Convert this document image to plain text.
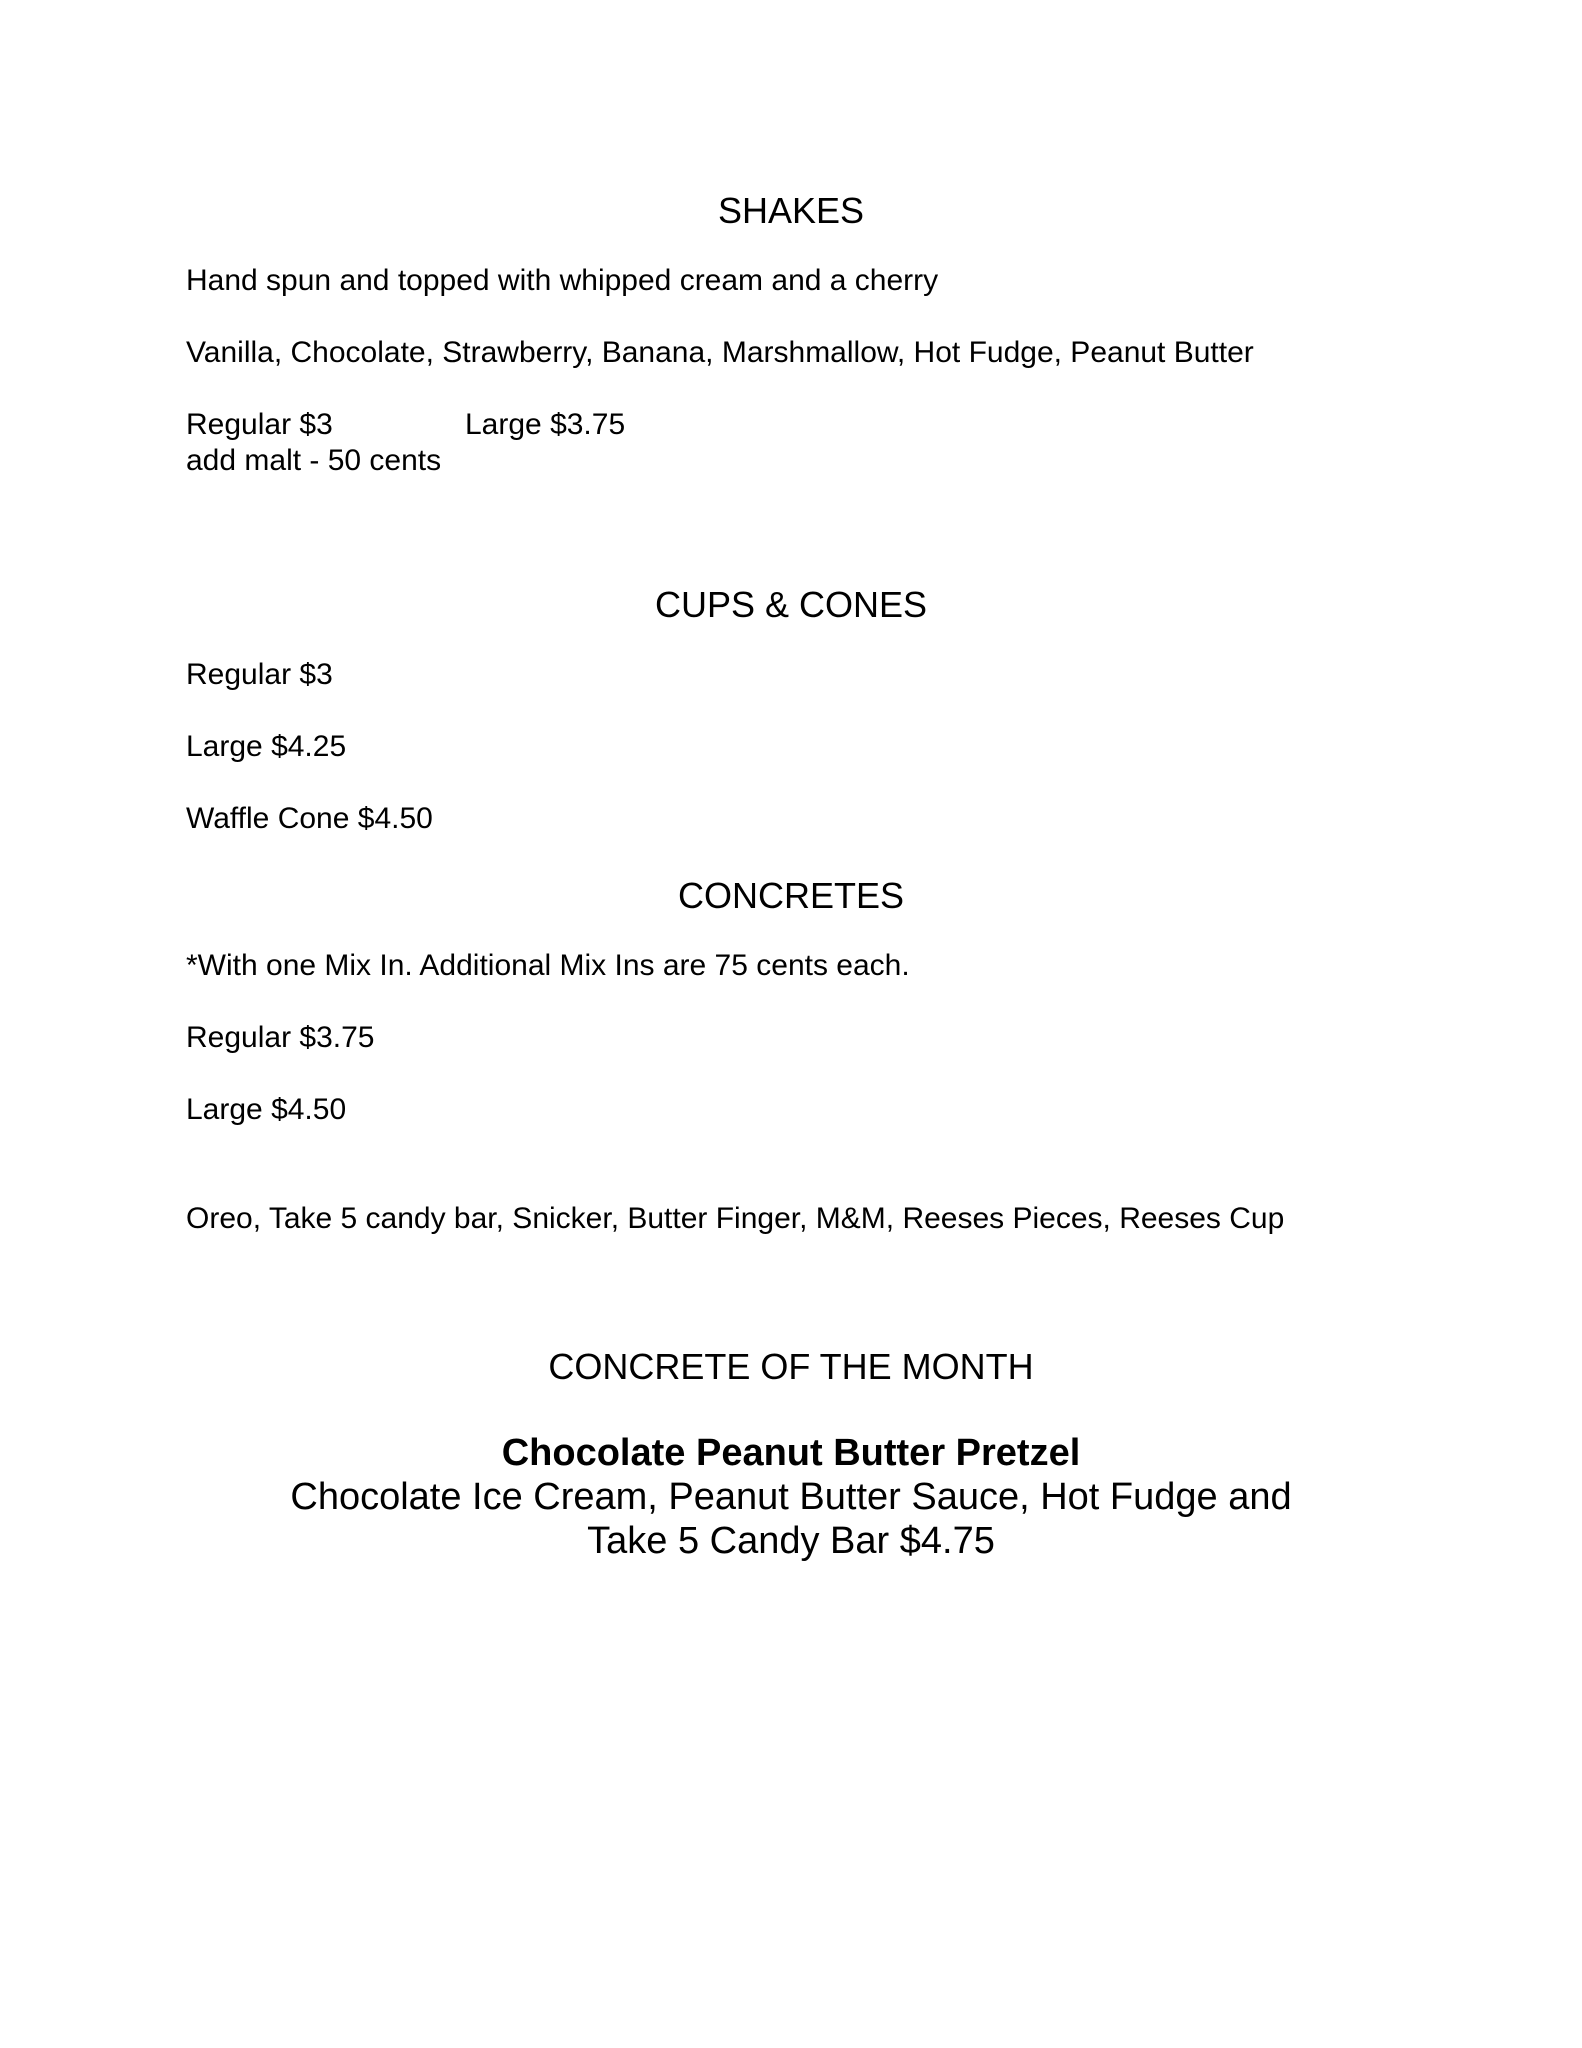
SHAKES
Hand spun and topped with whipped cream and a cherry
Vanilla, Chocolate, Strawberry, Banana, Marshmallow, Hot Fudge, Peanut Butter
Regular $3	Large $3.75
add malt - 50 cents
CUPS & CONES
Regular $3
Large $4.25
Waffle Cone $4.50
CONCRETES
*With one Mix In. Additional Mix Ins are 75 cents each.
Regular $3.75
Large $4.50
Oreo, Take 5 candy bar, Snicker, Butter Finger, M&M, Reeses Pieces, Reeses Cup
CONCRETE OF THE MONTH
Chocolate Peanut Butter Pretzel
Chocolate Ice Cream, Peanut Butter Sauce, Hot Fudge and
Take 5 Candy Bar $4.75
